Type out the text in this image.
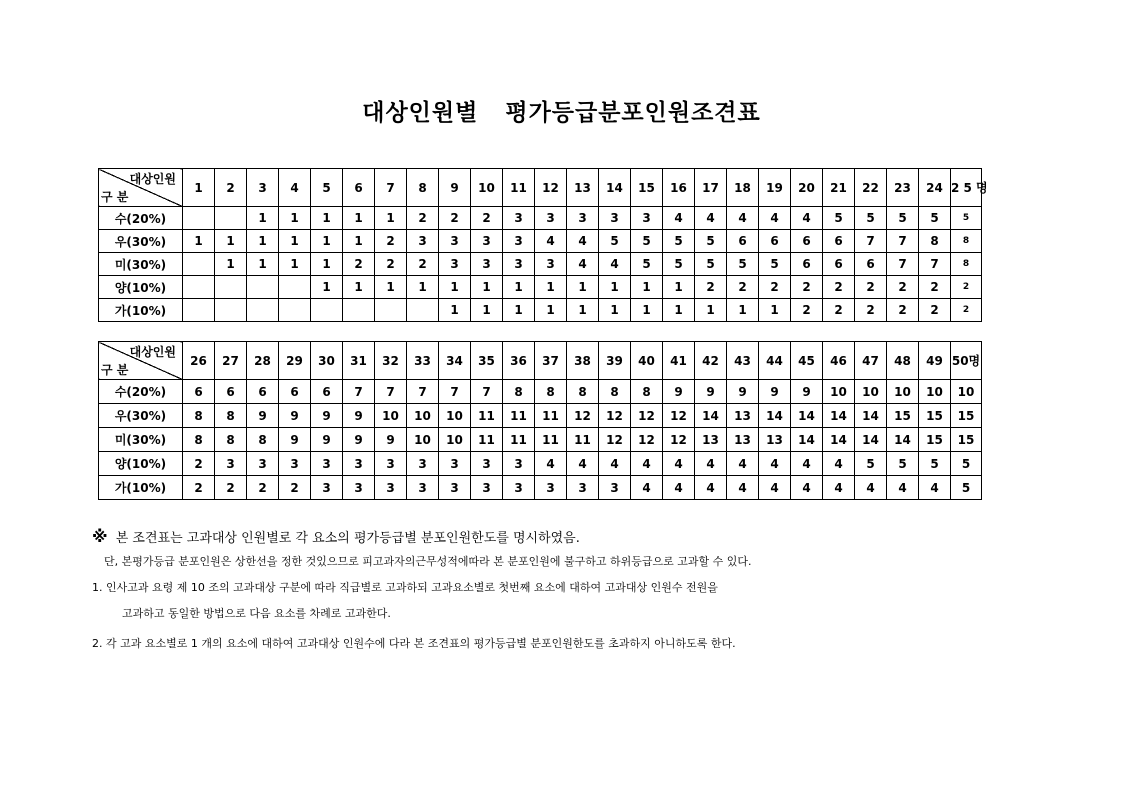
대상인원별   평가등급분포인원조견표
대상인원
구 분	1	2	3	4	5	6	7	8	9	10	11	12	13	14	15	16	17	18	19	20	21	22	23	24	2 5 명
수(20%)			1	1	1	1	1	2	2	2	3	3	3	3	3	4	4	4	4	4	5	5	5	5	5
우(30%)	1	1	1	1	1	1	2	3	3	3	3	4	4	5	5	5	5	6	6	6	6	7	7	8	8
미(30%)		1	1	1	1	2	2	2	3	3	3	3	4	4	5	5	5	5	5	6	6	6	7	7	8
양(10%)					1	1	1	1	1	1	1	1	1	1	1	1	2	2	2	2	2	2	2	2	2
가(10%)									1	1	1	1	1	1	1	1	1	1	1	2	2	2	2	2	2
대상인원
구 분	26	27	28	29	30	31	32	33	34	35	36	37	38	39	40	41	42	43	44	45	46	47	48	49	50명
수(20%)	6	6	6	6	6	7	7	7	7	7	8	8	8	8	8	9	9	9	9	9	10	10	10	10	10
우(30%)	8	8	9	9	9	9	10	10	10	11	11	11	12	12	12	12	14	13	14	14	14	14	15	15	15
미(30%)	8	8	8	9	9	9	9	10	10	11	11	11	11	12	12	12	13	13	13	14	14	14	14	15	15
양(10%)	2	3	3	3	3	3	3	3	3	3	3	4	4	4	4	4	4	4	4	4	4	5	5	5	5
가(10%)	2	2	2	2	3	3	3	3	3	3	3	3	3	3	4	4	4	4	4	4	4	4	4	4	5
※ 본 조견표는 고과대상 인원별로 각 요소의 평가등급별 분포인원한도를 명시하였음.
단, 본평가등급 분포인원은 상한선을 정한 것있으므로 피고과자의근무성적에따라 본 분포인원에 불구하고 하위등급으로 고과할 수 있다.
1. 인사고과 요령 제 10 조의 고과대상 구분에 따라 직급별로 고과하되 고과요소별로 첫번째 요소에 대하여 고과대상 인원수 전원을
고과하고 동일한 방법으로 다음 요소를 차례로 고과한다.
2. 각 고과 요소별로 1 개의 요소에 대하여 고과대상 인원수에 다라 본 조견표의 평가등급별 분포인원한도를 초과하지 아니하도록 한다.
